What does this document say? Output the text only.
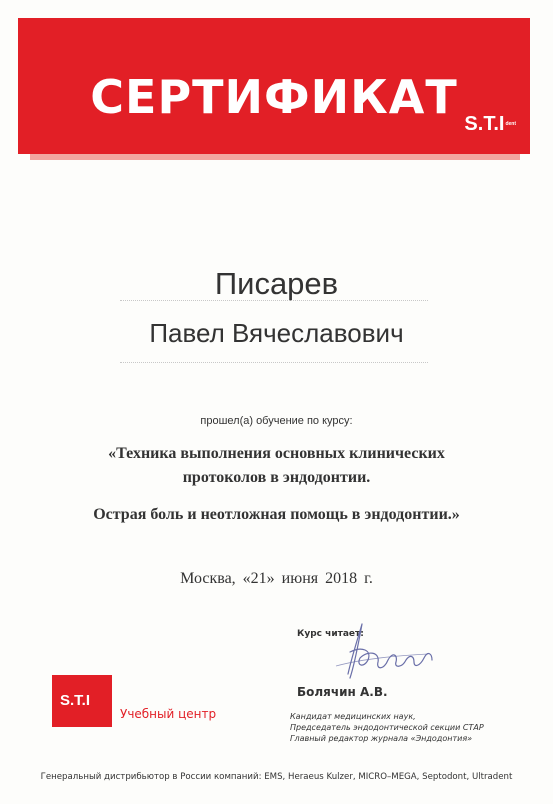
СЕРТИФИКАТ $S.T.I^{dent}$
Писарев
Павел Вячеславович
прошел(а) обучение по курсу:
«Техника выполнения основных клинических
протоколов в эндодонтии.
Острая боль и неотложная помощь в эндодонтии.»
Москва, «21» июня 2018 г.
Курс читает:
S.T.I
Учебный центр
Болячин А.В.
Кандидат медицинских наук,
Председатель эндодонтической секции СТАР
Главный редактор журнала «Эндодонтия»
Генеральный дистрибьютор в России компаний: EMS, Heraeus Kulzer, MICRO–MEGA, Septodont, Ultradent
